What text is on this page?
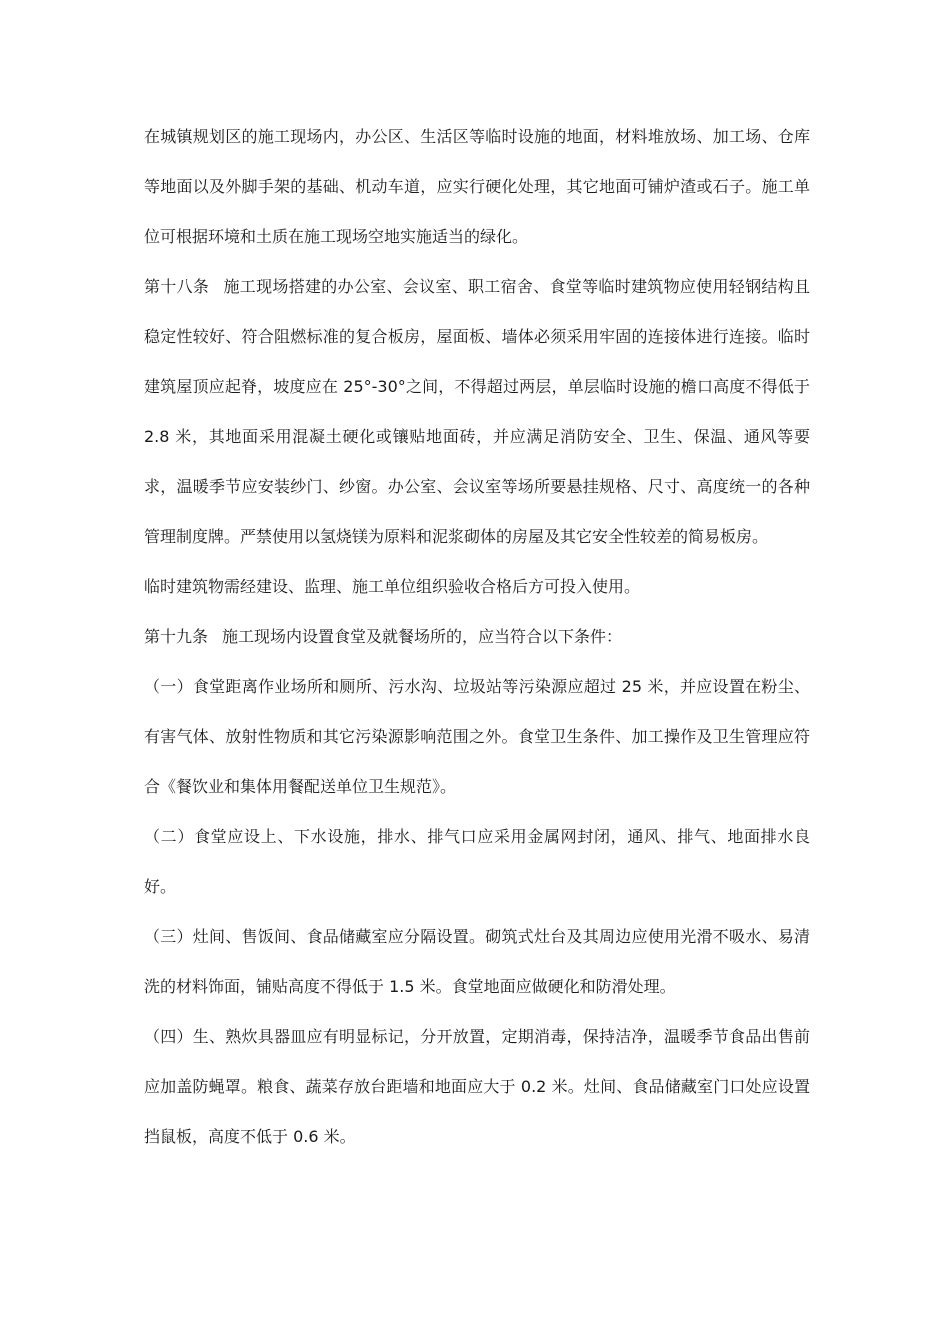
在城镇规划区的施工现场内，办公区、生活区等临时设施的地面，材料堆放场、加工场、仓库等地面以及外脚手架的基础、机动车道，应实行硬化处理，其它地面可铺炉渣或石子。施工单位可根据环境和土质在施工现场空地实施适当的绿化。

第十八条 施工现场搭建的办公室、会议室、职工宿舍、食堂等临时建筑物应使用轻钢结构且稳定性较好、符合阻燃标准的复合板房，屋面板、墙体必须采用牢固的连接体进行连接。临时建筑屋顶应起脊，坡度应在 25°-30°之间，不得超过两层，单层临时设施的檐口高度不得低于 2.8 米，其地面采用混凝土硬化或镶贴地面砖，并应满足消防安全、卫生、保温、通风等要求，温暖季节应安装纱门、纱窗。办公室、会议室等场所要悬挂规格、尺寸、高度统一的各种管理制度牌。严禁使用以氢烧镁为原料和泥浆砌体的房屋及其它安全性较差的简易板房。

临时建筑物需经建设、监理、施工单位组织验收合格后方可投入使用。

第十九条 施工现场内设置食堂及就餐场所的，应当符合以下条件：

（一）食堂距离作业场所和厕所、污水沟、垃圾站等污染源应超过 25 米，并应设置在粉尘、有害气体、放射性物质和其它污染源影响范围之外。食堂卫生条件、加工操作及卫生管理应符合《餐饮业和集体用餐配送单位卫生规范》。

（二）食堂应设上、下水设施，排水、排气口应采用金属网封闭，通风、排气、地面排水良好。

（三）灶间、售饭间、食品储藏室应分隔设置。砌筑式灶台及其周边应使用光滑不吸水、易清洗的材料饰面，铺贴高度不得低于 1.5 米。食堂地面应做硬化和防滑处理。

（四）生、熟炊具器皿应有明显标记，分开放置，定期消毒，保持洁净，温暖季节食品出售前应加盖防蝇罩。粮食、蔬菜存放台距墙和地面应大于 0.2 米。灶间、食品储藏室门口处应设置挡鼠板，高度不低于 0.6 米。
